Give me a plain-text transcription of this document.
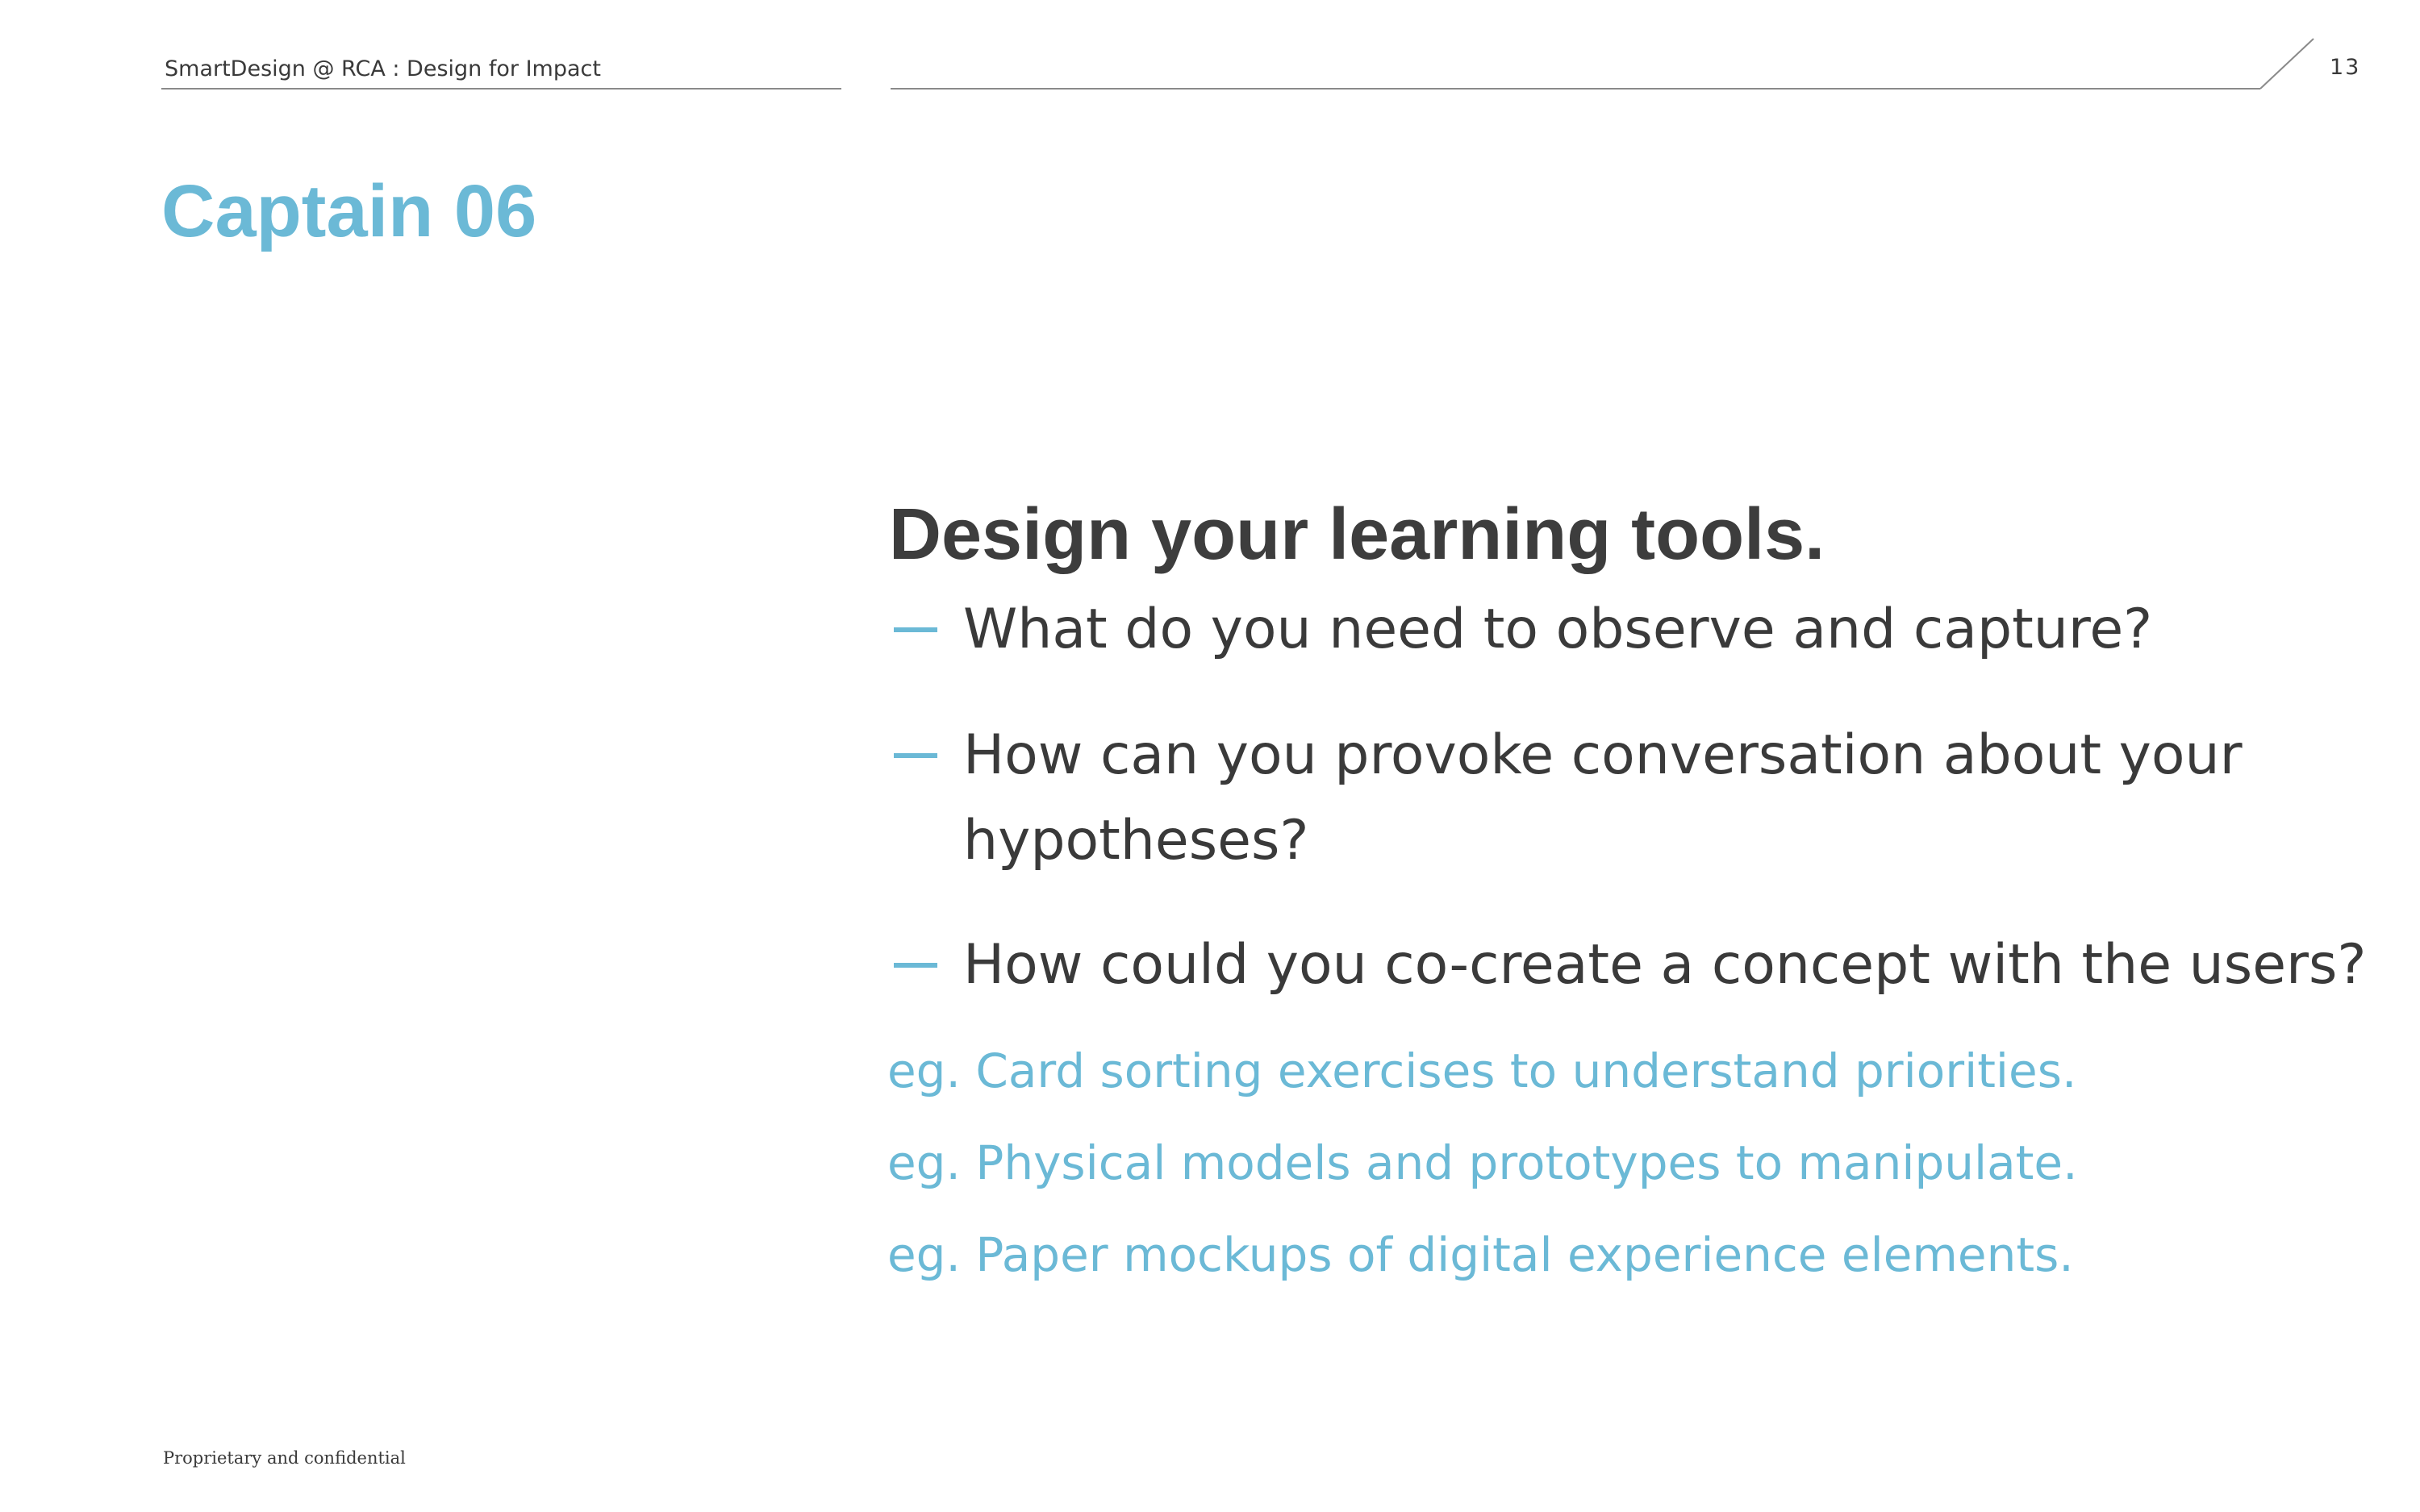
SmartDesign @ RCA : Design for Impact	13
Captain 06
Design your learning tools.
What do you need to observe and capture?
How can you provoke conversation about your
hypotheses?
How could you co-create a concept with the users?
eg. Card sorting exercises to understand priorities.
eg. Physical models and prototypes to manipulate.
eg. Paper mockups of digital experience elements.
Proprietary and confidential
